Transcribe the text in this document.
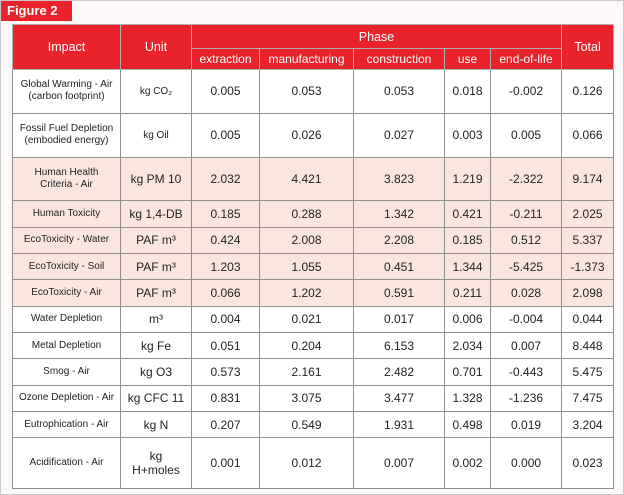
Figure 2
Impact	Unit	Phase					Total
		extraction	manufacturing	construction	use	end-of-life	

Global Warming - Air
(carbon footprint)	kg CO₂	0.005	0.053	0.053	0.018	-0.002	0.126

Fossil Fuel Depletion
(embodied energy)	kg Oil	0.005	0.026	0.027	0.003	0.005	0.066

Human Health
Criteria - Air	kg PM 10	2.032	4.421	3.823	1.219	-2.322	9.174

Human Toxicity	kg 1,4-DB	0.185	0.288	1.342	0.421	-0.211	2.025

EcoToxicity - Water	PAF m³	0.424	2.008	2.208	0.185	0.512	5.337

EcoToxicity - Soil	PAF m³	1.203	1.055	0.451	1.344	-5.425	-1.373

EcoToxicity - Air	PAF m³	0.066	1.202	0.591	0.211	0.028	2.098

Water Depletion	m³	0.004	0.021	0.017	0.006	-0.004	0.044

Metal Depletion	kg Fe	0.051	0.204	6.153	2.034	0.007	8.448

Smog - Air	kg O3	0.573	2.161	2.482	0.701	-0.443	5.475

Ozone Depletion - Air	kg CFC 11	0.831	3.075	3.477	1.328	-1.236	7.475

Eutrophication - Air	kg N	0.207	0.549	1.931	0.498	0.019	3.204

Acidification - Air	kg
H+moles	0.001	0.012	0.007	0.002	0.000	0.023
